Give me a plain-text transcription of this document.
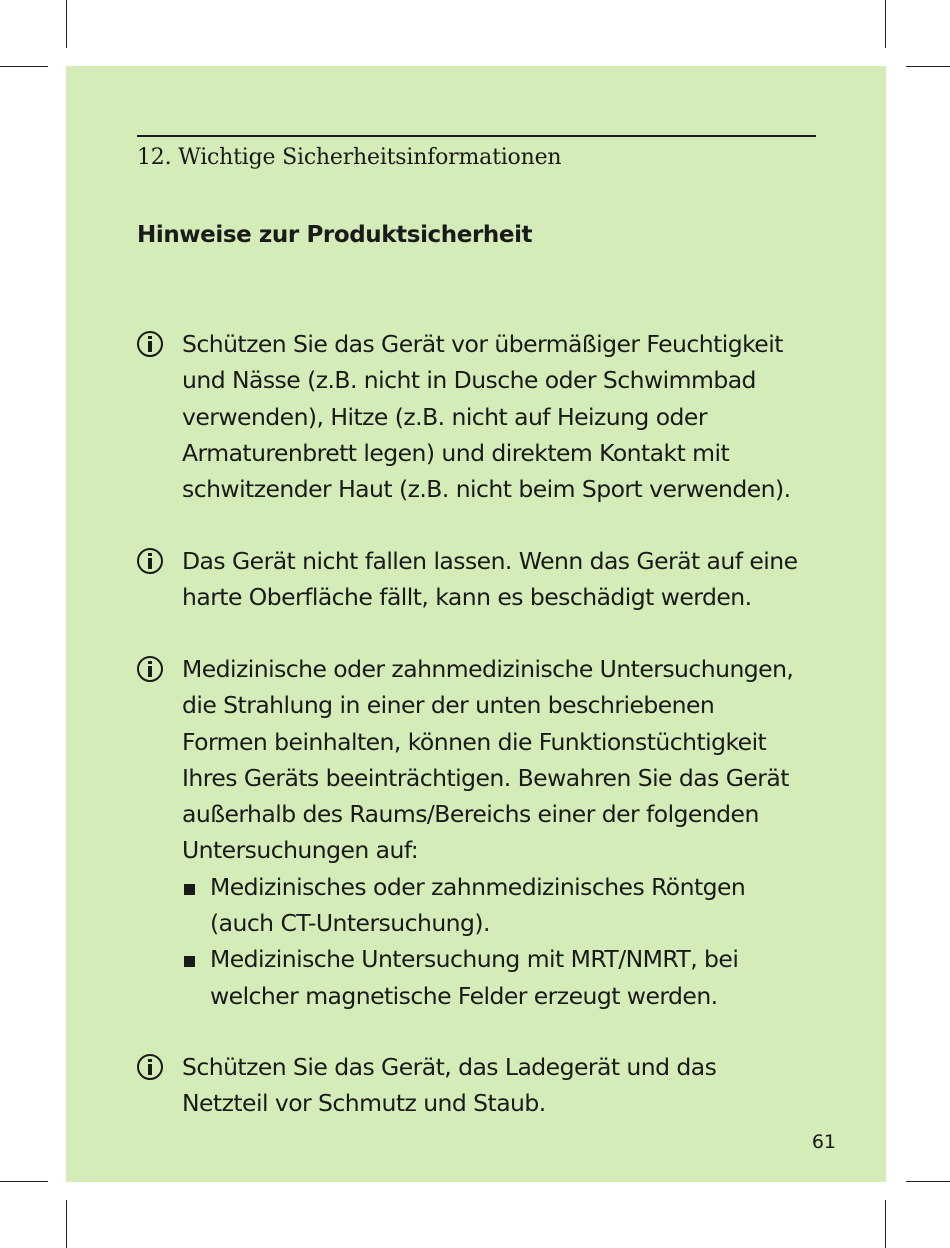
12. Wichtige Sicherheitsinformationen
Hinweise zur Produktsicherheit

Schützen Sie das Gerät vor übermäßiger Feuchtigkeit

und Nässe (z.B. nicht in Dusche oder Schwimmbad

verwenden), Hitze (z.B. nicht auf Heizung oder

Armaturenbrett legen) und direktem Kontakt mit

schwitzender Haut (z.B. nicht beim Sport verwenden).

Das Gerät nicht fallen lassen. Wenn das Gerät auf eine

harte Oberfläche fällt, kann es beschädigt werden.

Medizinische oder zahnmedizinische Untersuchungen,

die Strahlung in einer der unten beschriebenen

Formen beinhalten, können die Funktionstüchtigkeit

Ihres Geräts beeinträchtigen. Bewahren Sie das Gerät

außerhalb des Raums/Bereichs einer der folgenden

Untersuchungen auf:

Medizinisches oder zahnmedizinisches Röntgen

(auch CT-Untersuchung).

Medizinische Untersuchung mit MRT/NMRT, bei

welcher magnetische Felder erzeugt werden.

Schützen Sie das Gerät, das Ladegerät und das

Netzteil vor Schmutz und Staub.

61
